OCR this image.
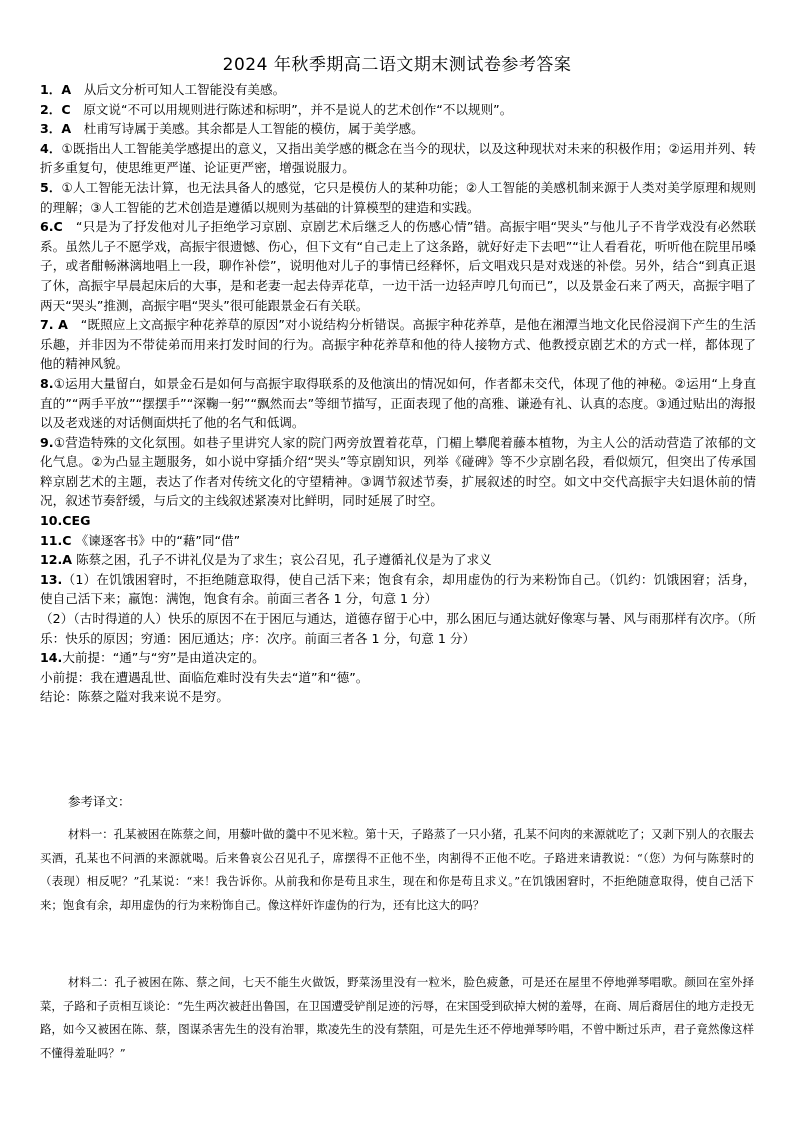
2024 年秋季期高二语文期末测试卷参考答案

1．A　从后文分析可知人工智能没有美感。

2．C　原文说“不可以用规则进行陈述和标明”，并不是说人的艺术创作“不以规则”。

3．A　杜甫写诗属于美感。其余都是人工智能的模仿，属于美学感。

4．①既指出人工智能美学感提出的意义，又指出美学感的概念在当今的现状，以及这种现状对未来的积极作用；②运用并列、转折多重复句，使思维更严谨、论证更严密，增强说服力。

5．①人工智能无法计算，也无法具备人的感觉，它只是模仿人的某种功能；②人工智能的美感机制来源于人类对美学原理和规则的理解；③人工智能的艺术创造是遵循以规则为基础的计算模型的建造和实践。

6.C　“只是为了抒发他对儿子拒绝学习京剧、京剧艺术后继乏人的伤感心情”错。高振宇唱“哭头”与他儿子不肯学戏没有必然联系。虽然儿子不愿学戏，高振宇很遗憾、伤心，但下文有“自己走上了这条路，就好好走下去吧”“让人看看花，听听他在院里吊嗓子，或者酣畅淋漓地唱上一段，聊作补偿”，说明他对儿子的事情已经释怀，后文唱戏只是对戏迷的补偿。另外，结合“到真正退了休，高振宇早晨起床后的大事，是和老妻一起去侍弄花草，一边干活一边轻声哼几句而已”，以及景金石来了两天，高振宇唱了两天“哭头”推测，高振宇唱“哭头”很可能跟景金石有关联。

7. A　“既照应上文高振宇种花养草的原因”对小说结构分析错误。高振宇种花养草，是他在湘潭当地文化民俗浸润下产生的生活乐趣，并非因为不带徒弟而用来打发时间的行为。高振宇种花养草和他的待人接物方式、他教授京剧艺术的方式一样，都体现了他的精神风貌。

8.①运用大量留白，如景金石是如何与高振宇取得联系的及他演出的情况如何，作者都未交代，体现了他的神秘。②运用“上身直直的”“两手平放”“摆摆手”“深鞠一躬”“飘然而去”等细节描写，正面表现了他的高雅、谦逊有礼、认真的态度。③通过贴出的海报以及老戏迷的对话侧面烘托了他的名气和低调。

9.①营造特殊的文化氛围。如巷子里讲究人家的院门两旁放置着花草，门楣上攀爬着藤本植物，为主人公的活动营造了浓郁的文化气息。②为凸显主题服务，如小说中穿插介绍“哭头”等京剧知识，列举《碰碑》等不少京剧名段，看似烦冗，但突出了传承国粹京剧艺术的主题，表达了作者对传统文化的守望精神。③调节叙述节奏，扩展叙述的时空。如文中交代高振宇夫妇退休前的情况，叙述节奏舒缓，与后文的主线叙述紧凑对比鲜明，同时延展了时空。

10.CEG

11.C 《谏逐客书》中的“藉”同“借”

12.A 陈蔡之困，孔子不讲礼仪是为了求生；哀公召见，孔子遵循礼仪是为了求义

13.（1）在饥饿困窘时，不拒绝随意取得，使自己活下来；饱食有余，却用虚伪的行为来粉饰自己。（饥约：饥饿困窘；活身，使自己活下来；羸饱：满饱，饱食有余。前面三者各 1 分，句意 1 分）

（2）（古时得道的人）快乐的原因不在于困厄与通达，道德存留于心中，那么困厄与通达就好像寒与暑、风与雨那样有次序。（所乐：快乐的原因；穷通：困厄通达；序：次序。前面三者各 1 分，句意 1 分）

14.大前提：“通”与“穷”是由道决定的。

小前提：我在遭遇乱世、面临危难时没有失去“道”和“德”。

结论：陈蔡之隘对我来说不是穷。

参考译文：

材料一：孔某被困在陈蔡之间，用藜叶做的羹中不见米粒。第十天，子路蒸了一只小猪，孔某不问肉的来源就吃了；又剥下别人的衣服去买酒，孔某也不问酒的来源就喝。后来鲁哀公召见孔子，席摆得不正他不坐，肉割得不正他不吃。子路进来请教说：“（您）为何与陈蔡时的（表现）相反呢？”孔某说：“来！我告诉你。从前我和你是苟且求生，现在和你是苟且求义。”在饥饿困窘时，不拒绝随意取得，使自己活下来；饱食有余，却用虚伪的行为来粉饰自己。像这样奸诈虚伪的行为，还有比这大的吗？

材料二：孔子被困在陈、蔡之间，七天不能生火做饭，野菜汤里没有一粒米，脸色疲惫，可是还在屋里不停地弹琴唱歌。颜回在室外择菜，子路和子贡相互谈论：“先生两次被赶出鲁国，在卫国遭受铲削足迹的污辱，在宋国受到砍掉大树的羞辱，在商、周后裔居住的地方走投无路，如今又被困在陈、蔡，图谋杀害先生的没有治罪，欺凌先生的没有禁阻，可是先生还不停地弹琴吟唱，不曾中断过乐声，君子竟然像这样不懂得羞耻吗？”
